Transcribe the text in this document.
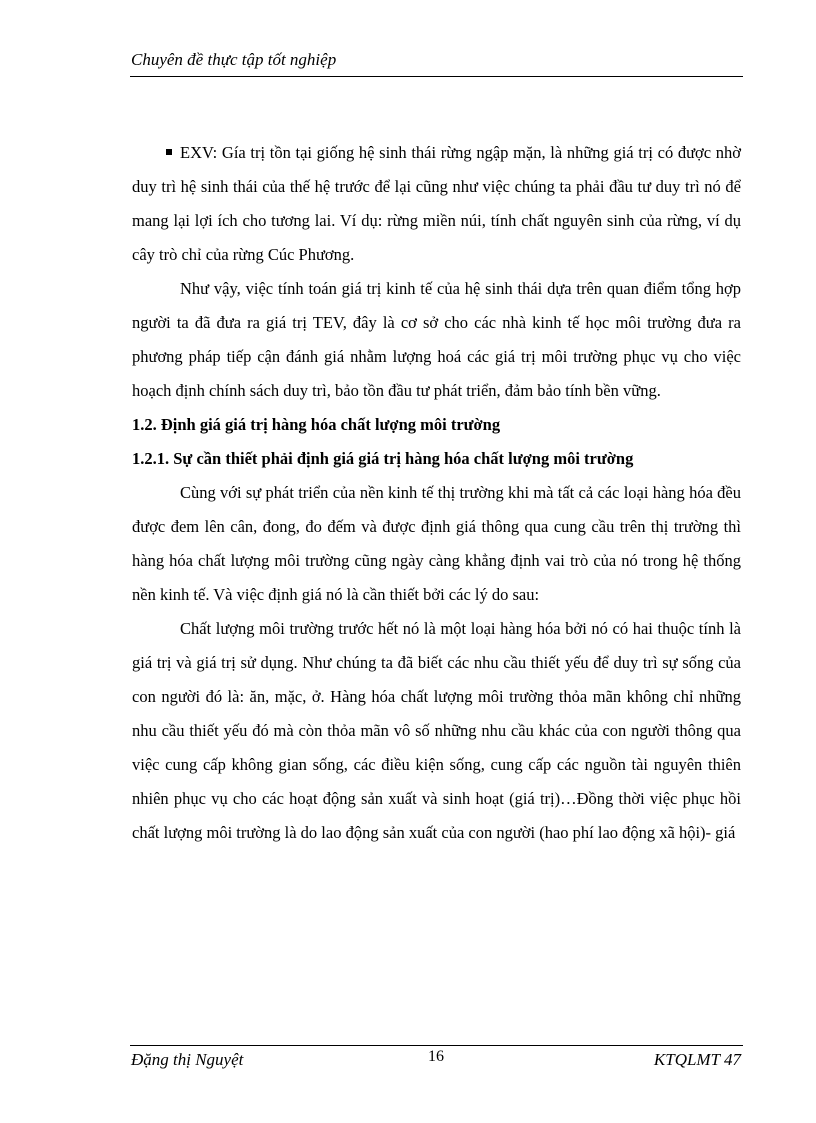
Chuyên đề thực tập tốt nghiệp

EXV: Gía trị tồn tại giống hệ sinh thái rừng ngập mặn, là những giá trị có được nhờ duy trì hệ sinh thái của thế hệ trước để lại cũng như việc chúng ta phải đầu tư duy trì nó để mang lại lợi ích cho tương lai. Ví dụ: rừng miền núi, tính chất nguyên sinh của rừng, ví dụ cây trò chỉ của rừng Cúc Phương.

Như vậy, việc tính toán giá trị kinh tế của hệ sinh thái dựa trên quan điểm tổng hợp người ta đã đưa ra giá trị TEV, đây là cơ sở cho các nhà kinh tế học môi trường đưa ra phương pháp tiếp cận đánh giá nhằm lượng hoá các giá trị môi trường phục vụ cho việc hoạch định chính sách duy trì, bảo tồn đầu tư phát triển, đảm bảo tính bền vững.

1.2. Định giá giá trị hàng hóa chất lượng môi trường
1.2.1. Sự cần thiết phải định giá giá trị hàng hóa chất lượng môi trường

Cùng với sự phát triển của nền kinh tế thị trường khi mà tất cả các loại hàng hóa đều được đem lên cân, đong, đo đếm và được định giá thông qua cung cầu trên thị trường thì hàng hóa chất lượng môi trường cũng ngày càng khẳng định vai trò của nó trong hệ thống nền kinh tế. Và việc định giá nó là cần thiết bởi các lý do sau:

Chất lượng môi trường trước hết nó là một loại hàng hóa bởi nó có hai thuộc tính là giá trị và giá trị sử dụng. Như chúng ta đã biết các nhu cầu thiết yếu để duy trì sự sống của con người đó là: ăn, mặc, ở. Hàng hóa chất lượng môi trường thỏa mãn không chỉ những nhu cầu thiết yếu đó mà còn thỏa mãn vô số những nhu cầu khác của con người thông qua việc cung cấp không gian sống, các điều kiện sống, cung cấp các nguồn tài nguyên thiên nhiên phục vụ cho các hoạt động sản xuất và sinh hoạt (giá trị)…Đồng thời việc phục hồi chất lượng môi trường là do lao động sản xuất của con người (hao phí lao động xã hội)- giá

Đặng thị Nguyệt	16	KTQLMT 47
